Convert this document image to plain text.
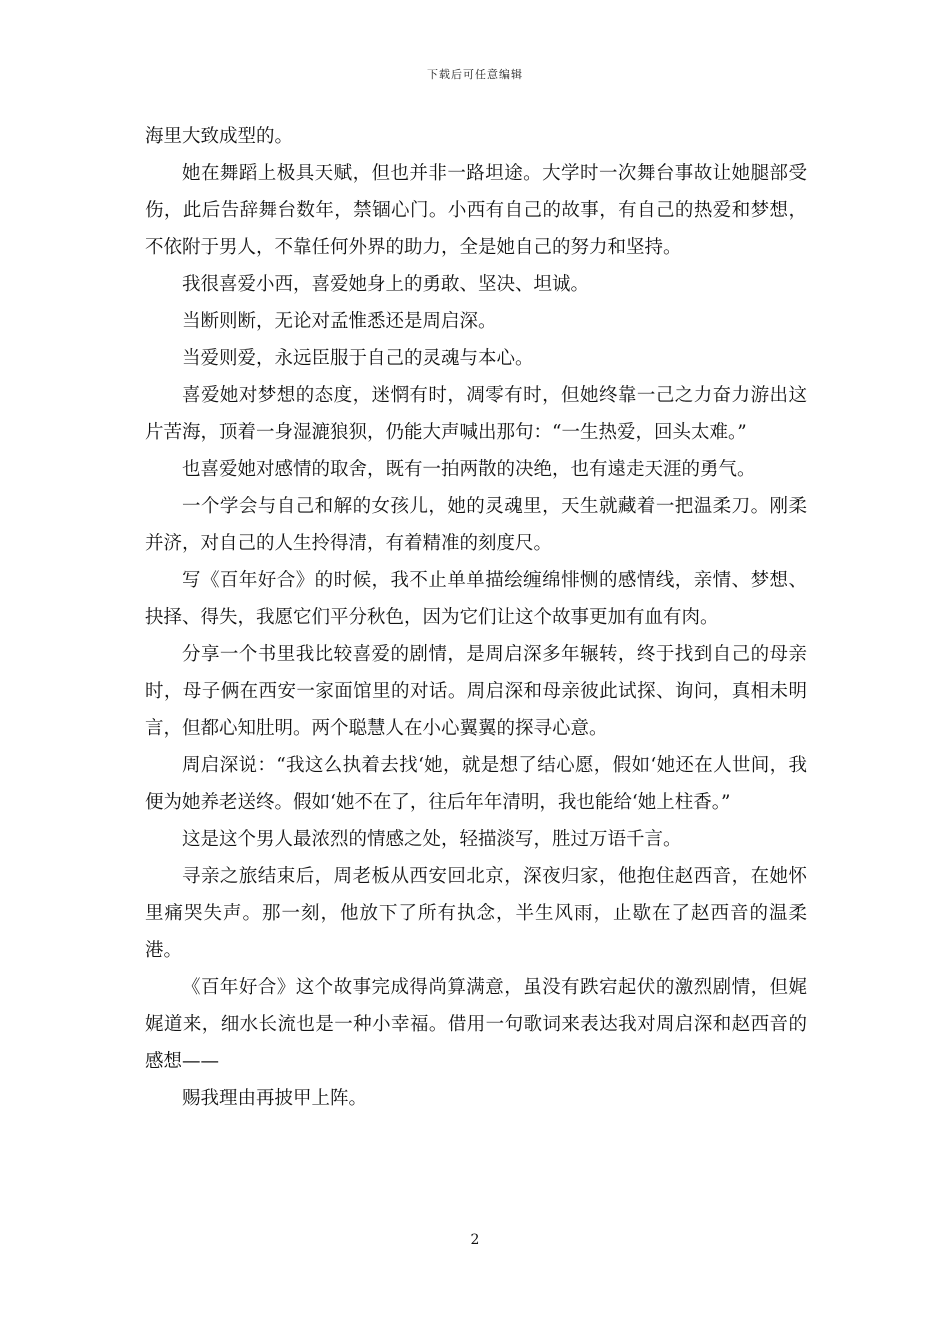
下载后可任意编辑

海里大致成型的。

她在舞蹈上极具天赋，但也并非一路坦途。大学时一次舞台事故让她腿部受伤，此后告辞舞台数年，禁锢心门。小西有自己的故事，有自己的热爱和梦想，不依附于男人，不靠任何外界的助力，全是她自己的努力和坚持。

我很喜爱小西，喜爱她身上的勇敢、坚决、坦诚。

当断则断，无论对孟惟悉还是周启深。

当爱则爱，永远臣服于自己的灵魂与本心。

喜爱她对梦想的态度，迷惘有时，凋零有时，但她终靠一己之力奋力游出这片苦海，顶着一身湿漉狼狈，仍能大声喊出那句：“一生热爱，回头太难。”

也喜爱她对感情的取舍，既有一拍两散的决绝，也有遠走天涯的勇气。

一个学会与自己和解的女孩儿，她的灵魂里，天生就藏着一把温柔刀。刚柔并济，对自己的人生拎得清，有着精准的刻度尺。

写《百年好合》的时候，我不止单单描绘缠绵悱恻的感情线，亲情、梦想、抉择、得失，我愿它们平分秋色，因为它们让这个故事更加有血有肉。

分享一个书里我比较喜爱的剧情，是周启深多年辗转，终于找到自己的母亲时，母子俩在西安一家面馆里的对话。周启深和母亲彼此试探、询问，真相未明言，但都心知肚明。两个聪慧人在小心翼翼的探寻心意。

周启深说：“我这么执着去找‘她，就是想了结心愿，假如‘她还在人世间，我便为她养老送终。假如‘她不在了，往后年年清明，我也能给‘她上柱香。”

这是这个男人最浓烈的情感之处，轻描淡写，胜过万语千言。

寻亲之旅结束后，周老板从西安回北京，深夜归家，他抱住赵西音，在她怀里痛哭失声。那一刻，他放下了所有执念，半生风雨，止歇在了赵西音的温柔港。

《百年好合》这个故事完成得尚算满意，虽没有跌宕起伏的激烈剧情，但娓娓道来，细水长流也是一种小幸福。借用一句歌词来表达我对周启深和赵西音的感想——

赐我理由再披甲上阵。

2
